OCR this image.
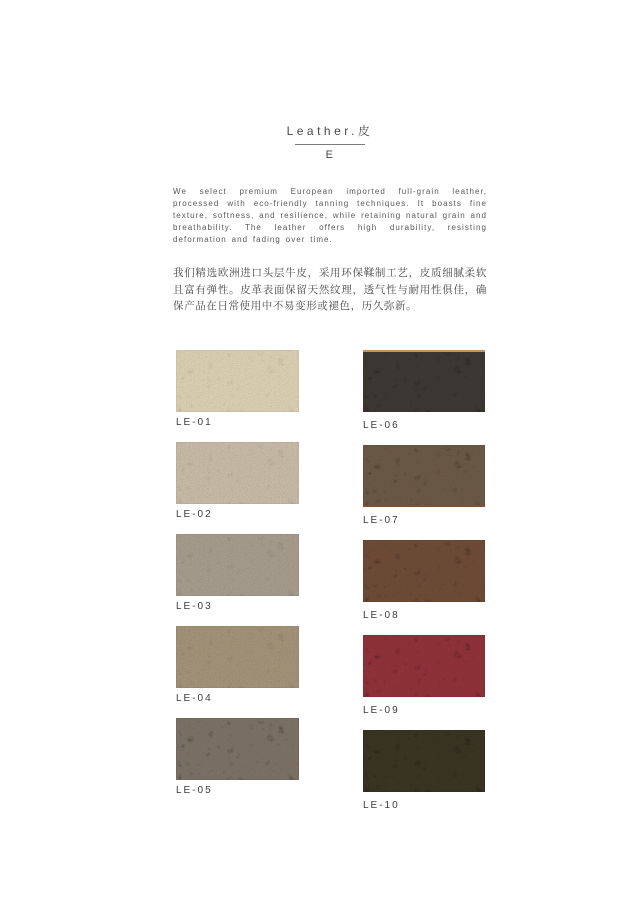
Leather.皮
E
We select premium European imported full-grain leather, processed with eco-friendly tanning techniques. It boasts fine texture, softness, and resilience, while retaining natural grain and breathability. The leather offers high durability, resisting deformation and fading over time.
我们精选欧洲进口头层牛皮，采用环保鞣制工艺，皮质细腻柔软且富有弹性。皮革表面保留天然纹理，透气性与耐用性俱佳，确保产品在日常使用中不易变形或褪色，历久弥新。
LE-01
LE-02
LE-03
LE-04
LE-05
LE-06
LE-07
LE-08
LE-09
LE-10
